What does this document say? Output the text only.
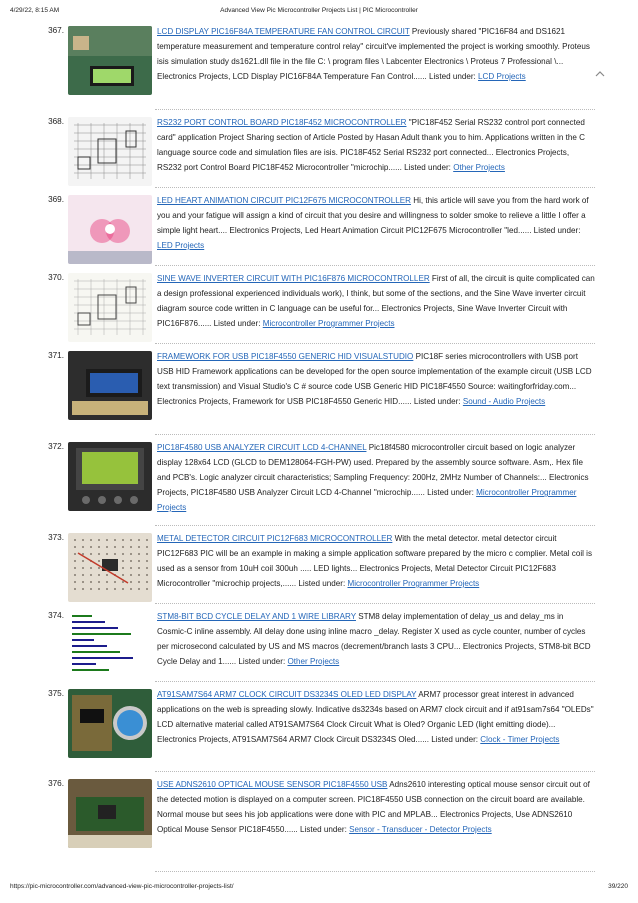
4/29/22, 8:15 AM	Advanced View Pic Microcontroller Projects List | PIC Microcontroller
367.	LCD DISPLAY PIC16F84A TEMPERATURE FAN CONTROL CIRCUIT Previously shared "PIC16F84 and DS1621 temperature measurement and temperature control relay" circuit've implemented the project is working smoothly. Proteus isis simulation study ds1621.dll file in the file C: \ program files \ Labcenter Electronics \ Proteus 7 Professional \... Electronics Projects, LCD Display PIC16F84A Temperature Fan Control...... Listed under: LCD Projects
368.	RS232 PORT CONTROL BOARD PIC18F452 MICROCONTROLLER "PIC18F452 Serial RS232 control port connected card" application Project Sharing section of Article Posted by Hasan Adult thank you to him. Applications written in the C language source code and simulation files are isis. PIC18F452 Serial RS232 port connected... Electronics Projects, RS232 port Control Board PIC18F452 Microcontroller "microchip...... Listed under: Other Projects
369.	LED HEART ANIMATION CIRCUIT PIC12F675 MICROCONTROLLER Hi, this article will save you from the hard work of you and your fatigue will assign a kind of circuit that you desire and willingness to solder smoke to relieve a little I offer a simple light heart.... Electronics Projects, Led Heart Animation Circuit PIC12F675 Microcontroller "led...... Listed under: LED Projects
370.	SINE WAVE INVERTER CIRCUIT WITH PIC16F876 MICROCONTROLLER First of all, the circuit is quite complicated can a design professional experienced individuals work), I think, but some of the sections, and the Sine Wave inverter circuit diagram source code written in C language can be useful for... Electronics Projects, Sine Wave Inverter Circuit with PIC16F876...... Listed under: Microcontroller Programmer Projects
371.	FRAMEWORK FOR USB PIC18F4550 GENERIC HID VISUALSTUDIO PIC18F series microcontrollers with USB port USB HID Framework applications can be developed for the open source implementation of the example circuit (USB LCD text transmission) and Visual Studio's C # source code USB Generic HID PIC18F4550 Source: waitingforfriday.com... Electronics Projects, Framework for USB PIC18F4550 Generic HID...... Listed under: Sound - Audio Projects
372.	PIC18F4580 USB ANALYZER CIRCUIT LCD 4-CHANNEL Pic18f4580 microcontroller circuit based on logic analyzer display 128x64 LCD (GLCD to DEM128064-FGH-PW) used. Prepared by the assembly source software. Asm,. Hex file and PCB's. Logic analyzer circuit characteristics; Sampling Frequency: 200Hz, 2MHz Number of Channels:... Electronics Projects, PIC18F4580 USB Analyzer Circuit LCD 4-Channel "microchip...... Listed under: Microcontroller Programmer Projects
373.	METAL DETECTOR CIRCUIT PIC12F683 MICROCONTROLLER With the metal detector. metal detector circuit PIC12F683 PIC will be an example in making a simple application software prepared by the micro c complier. Metal coil is used as a sensor from 10uH coil 300uh ..... LED lights... Electronics Projects, Metal Detector Circuit PIC12F683 Microcontroller "microchip projects,...... Listed under: Microcontroller Programmer Projects
374.	STM8-BIT BCD CYCLE DELAY AND 1 WIRE LIBRARY STM8 delay implementation of delay_us and delay_ms in Cosmic-C inline assembly. All delay done using inline macro _delay. Register X used as cycle counter, number of cycles per microsecond calculated by US and MS macros (decrement/branch lasts 3 CPU... Electronics Projects, STM8-bit BCD Cycle Delay and 1...... Listed under: Other Projects
375.	AT91SAM7S64 ARM7 CLOCK CIRCUIT DS3234S OLED LED DISPLAY ARM7 processor great interest in advanced applications on the web is spreading slowly. Indicative ds3234s based on ARM7 clock circuit and if at91sam7s64 "OLEDs" LCD alternative material called AT91SAM7S64 Clock Circuit What is Oled? Organic LED (light emitting diode)... Electronics Projects, AT91SAM7S64 ARM7 Clock Circuit DS3234S Oled...... Listed under: Clock - Timer Projects
376.	USE ADNS2610 OPTICAL MOUSE SENSOR PIC18F4550 USB Adns2610 interesting optical mouse sensor circuit out of the detected motion is displayed on a computer screen. PIC18F4550 USB connection on the circuit board are available. Normal mouse but sees his job applications were done with PIC and MPLAB... Electronics Projects, Use ADNS2610 Optical Mouse Sensor PIC18F4550...... Listed under: Sensor - Transducer - Detector Projects
https://pic-microcontroller.com/advanced-view-pic-microcontroller-projects-list/	39/220
